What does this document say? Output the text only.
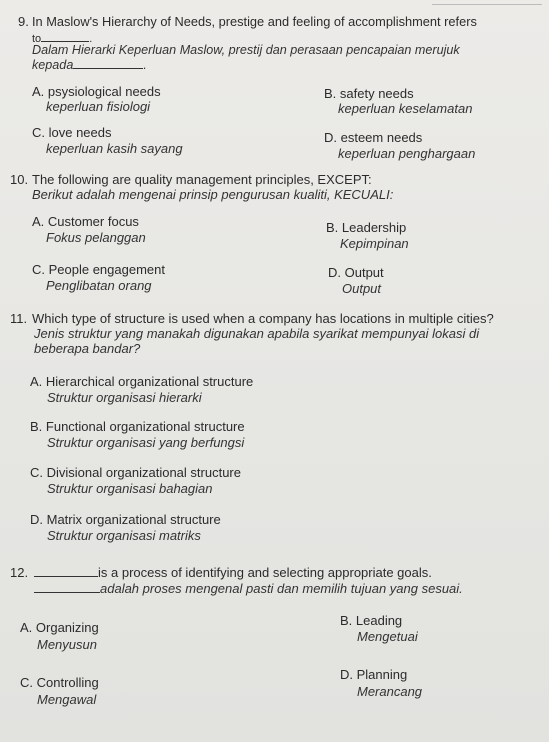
9. In Maslow's Hierarchy of Needs, prestige and feeling of accomplishment refers
to	.
Dalam Hierarki Keperluan Maslow, prestij dan perasaan pencapaian merujuk
kepada	.
A. psysiological needs
keperluan fisiologi
B. safety needs
keperluan keselamatan
C. love needs
keperluan kasih sayang
D. esteem needs
keperluan penghargaan
10. The following are quality management principles, EXCEPT:
Berikut adalah mengenai prinsip pengurusan kualiti, KECUALI:
A. Customer focus
Fokus pelanggan
B. Leadership
Kepimpinan
C. People engagement
Penglibatan orang
D. Output
Output
11. Which type of structure is used when a company has locations in multiple cities?
Jenis struktur yang manakah digunakan apabila syarikat mempunyai lokasi di
beberapa bandar?
A. Hierarchical organizational structure
Struktur organisasi hierarki
B. Functional organizational structure
Struktur organisasi yang berfungsi
C. Divisional organizational structure
Struktur organisasi bahagian
D. Matrix organizational structure
Struktur organisasi matriks
12.	is a process of identifying and selecting appropriate goals.
adalah proses mengenal pasti dan memilih tujuan yang sesuai.
A. Organizing
Menyusun
B. Leading
Mengetuai
C. Controlling
Mengawal
D. Planning
Merancang
